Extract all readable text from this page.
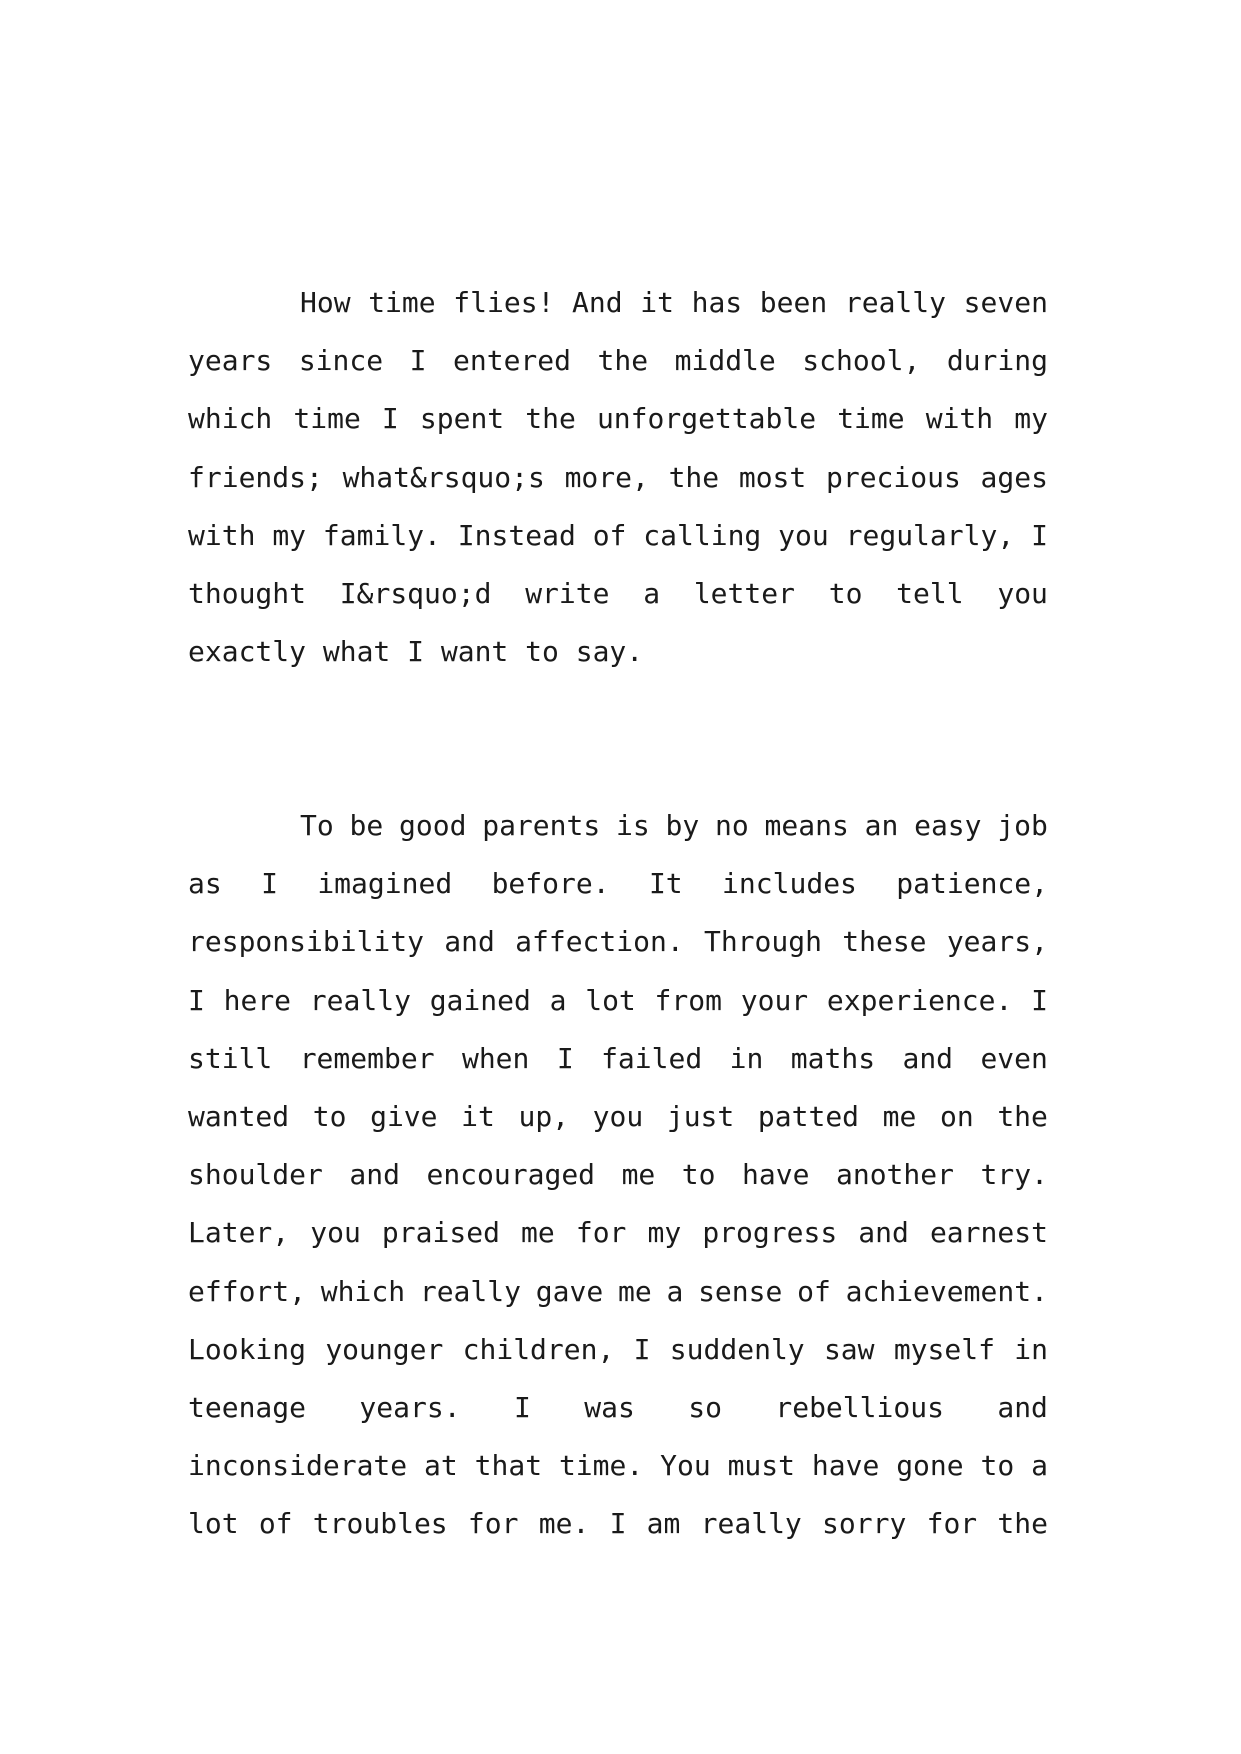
How time flies! And it has been really seven
years since I entered the middle school, during
which time I spent the unforgettable time with my
friends; what&rsquo;s more, the most precious ages
with my family. Instead of calling you regularly, I
thought I&rsquo;d write a letter to tell you
exactly what I want to say.
To be good parents is by no means an easy job
as I imagined before. It includes patience,
responsibility and affection. Through these years,
I here really gained a lot from your experience. I
still remember when I failed in maths and even
wanted to give it up, you just patted me on the
shoulder and encouraged me to have another try.
Later, you praised me for my progress and earnest
effort, which really gave me a sense of achievement.
Looking younger children, I suddenly saw myself in
teenage years. I was so rebellious and
inconsiderate at that time. You must have gone to a
lot of troubles for me. I am really sorry for the
